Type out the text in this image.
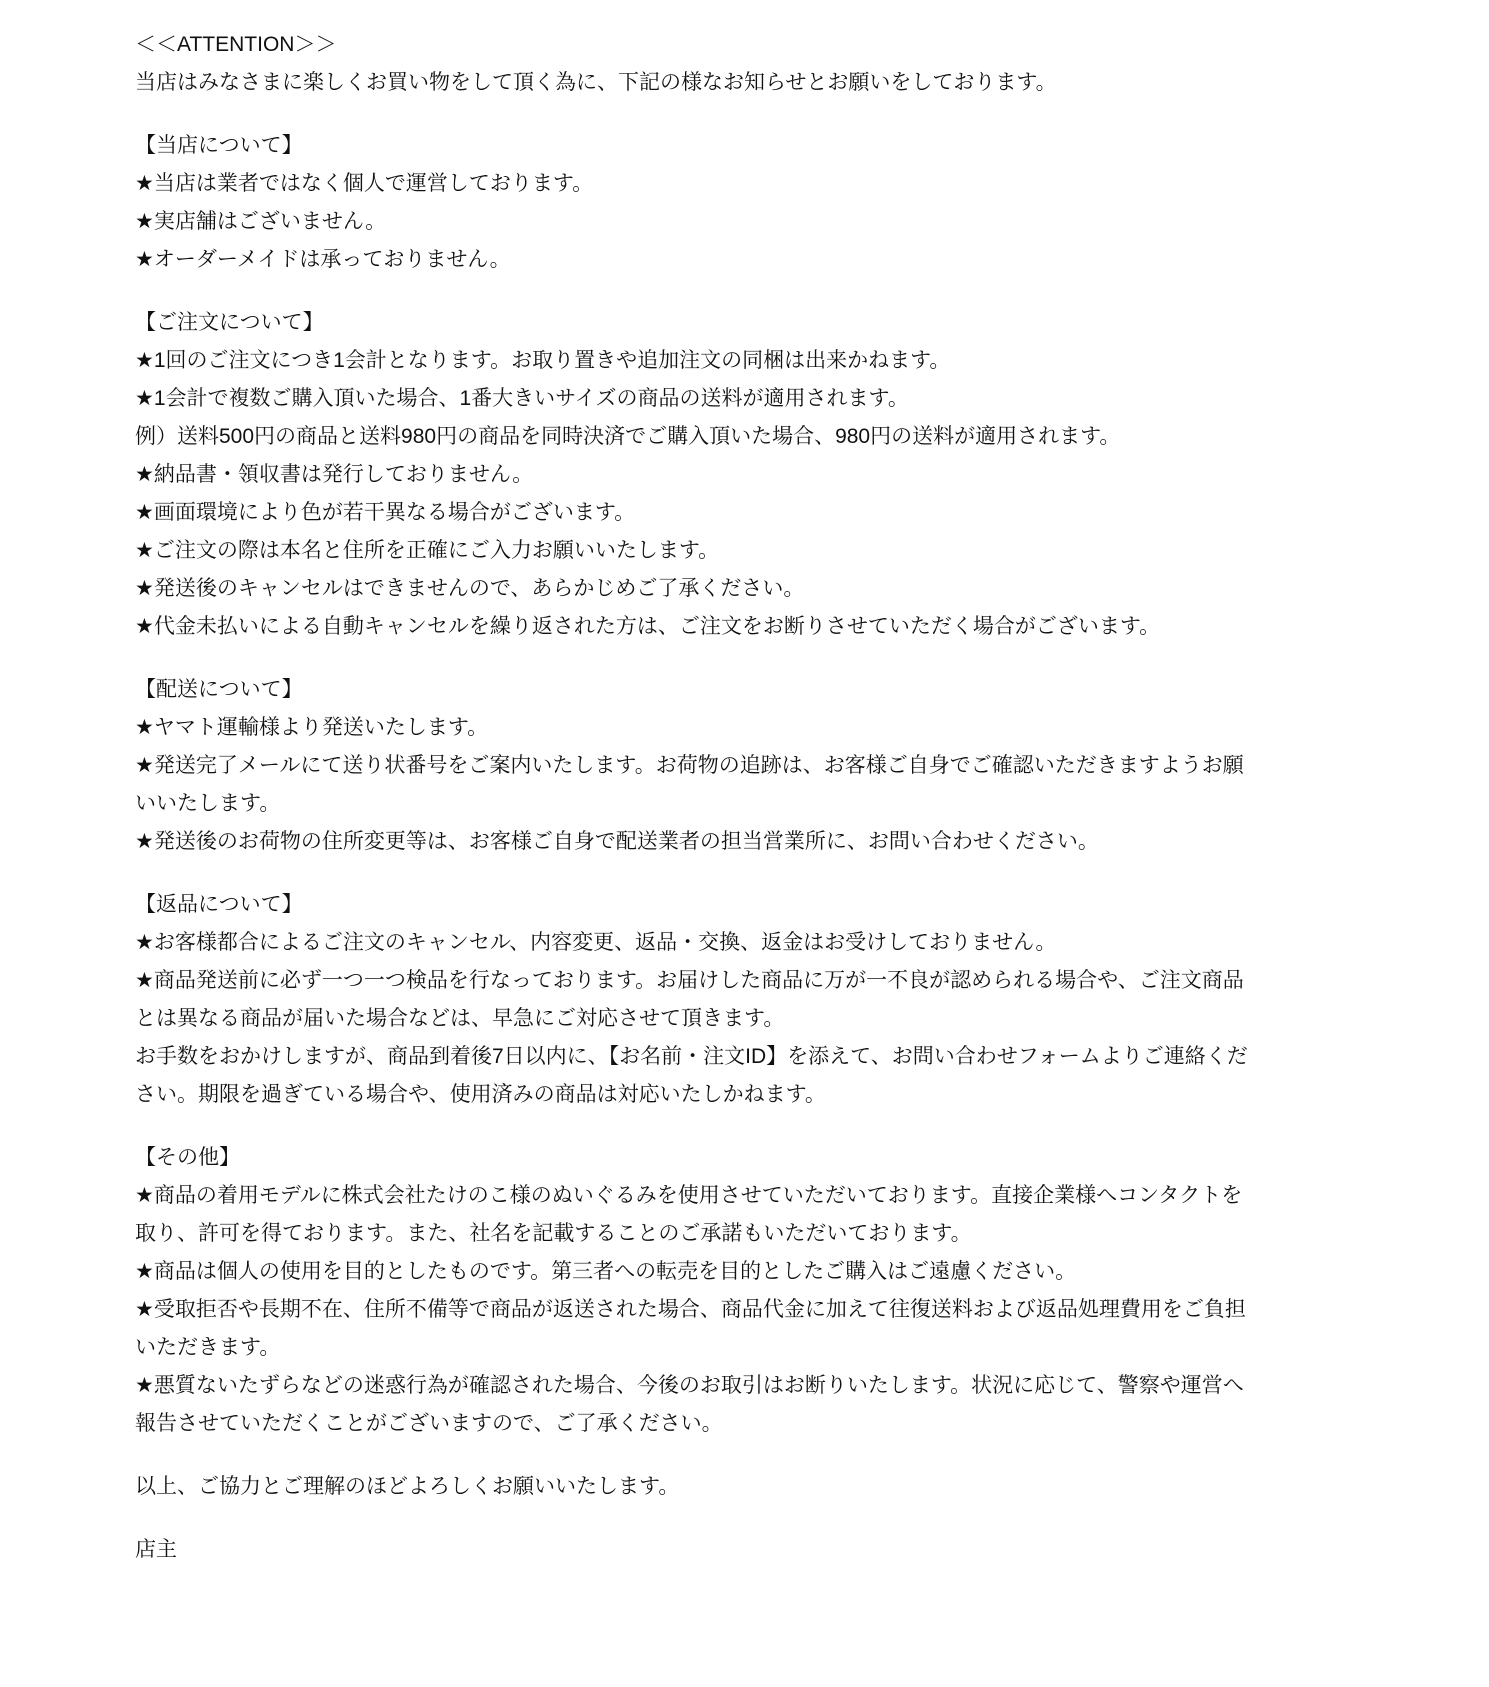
＜＜ATTENTION＞＞

当店はみなさまに楽しくお買い物をして頂く為に、下記の様なお知らせとお願いをしております。

【当店について】

★当店は業者ではなく個人で運営しております。

★実店舗はございません。

★オーダーメイドは承っておりません。

【ご注文について】

★1回のご注文につき1会計となります。お取り置きや追加注文の同梱は出来かねます。

★1会計で複数ご購入頂いた場合、1番大きいサイズの商品の送料が適用されます。

例）送料500円の商品と送料980円の商品を同時決済でご購入頂いた場合、980円の送料が適用されます。

★納品書・領収書は発行しておりません。

★画面環境により色が若干異なる場合がございます。

★ご注文の際は本名と住所を正確にご入力お願いいたします。

★発送後のキャンセルはできませんので、あらかじめご了承ください。

★代金未払いによる自動キャンセルを繰り返された方は、ご注文をお断りさせていただく場合がございます。

【配送について】

★ヤマト運輸様より発送いたします。

★発送完了メールにて送り状番号をご案内いたします。お荷物の追跡は、お客様ご自身でご確認いただきますようお願いいたします。

★発送後のお荷物の住所変更等は、お客様ご自身で配送業者の担当営業所に、お問い合わせください。

【返品について】

★お客様都合によるご注文のキャンセル、内容変更、返品・交換、返金はお受けしておりません。

★商品発送前に必ず一つ一つ検品を行なっております。お届けした商品に万が一不良が認められる場合や、ご注文商品とは異なる商品が届いた場合などは、早急にご対応させて頂きます。

お手数をおかけしますが、商品到着後7日以内に、【お名前・注文ID】を添えて、お問い合わせフォームよりご連絡ください。期限を過ぎている場合や、使用済みの商品は対応いたしかねます。

【その他】

★商品の着用モデルに株式会社たけのこ様のぬいぐるみを使用させていただいております。直接企業様へコンタクトを取り、許可を得ております。また、社名を記載することのご承諾もいただいております。

★商品は個人の使用を目的としたものです。第三者への転売を目的としたご購入はご遠慮ください。

★受取拒否や長期不在、住所不備等で商品が返送された場合、商品代金に加えて往復送料および返品処理費用をご負担いただきます。

★悪質ないたずらなどの迷惑行為が確認された場合、今後のお取引はお断りいたします。状況に応じて、警察や運営へ報告させていただくことがございますので、ご了承ください。

以上、ご協力とご理解のほどよろしくお願いいたします。

店主
